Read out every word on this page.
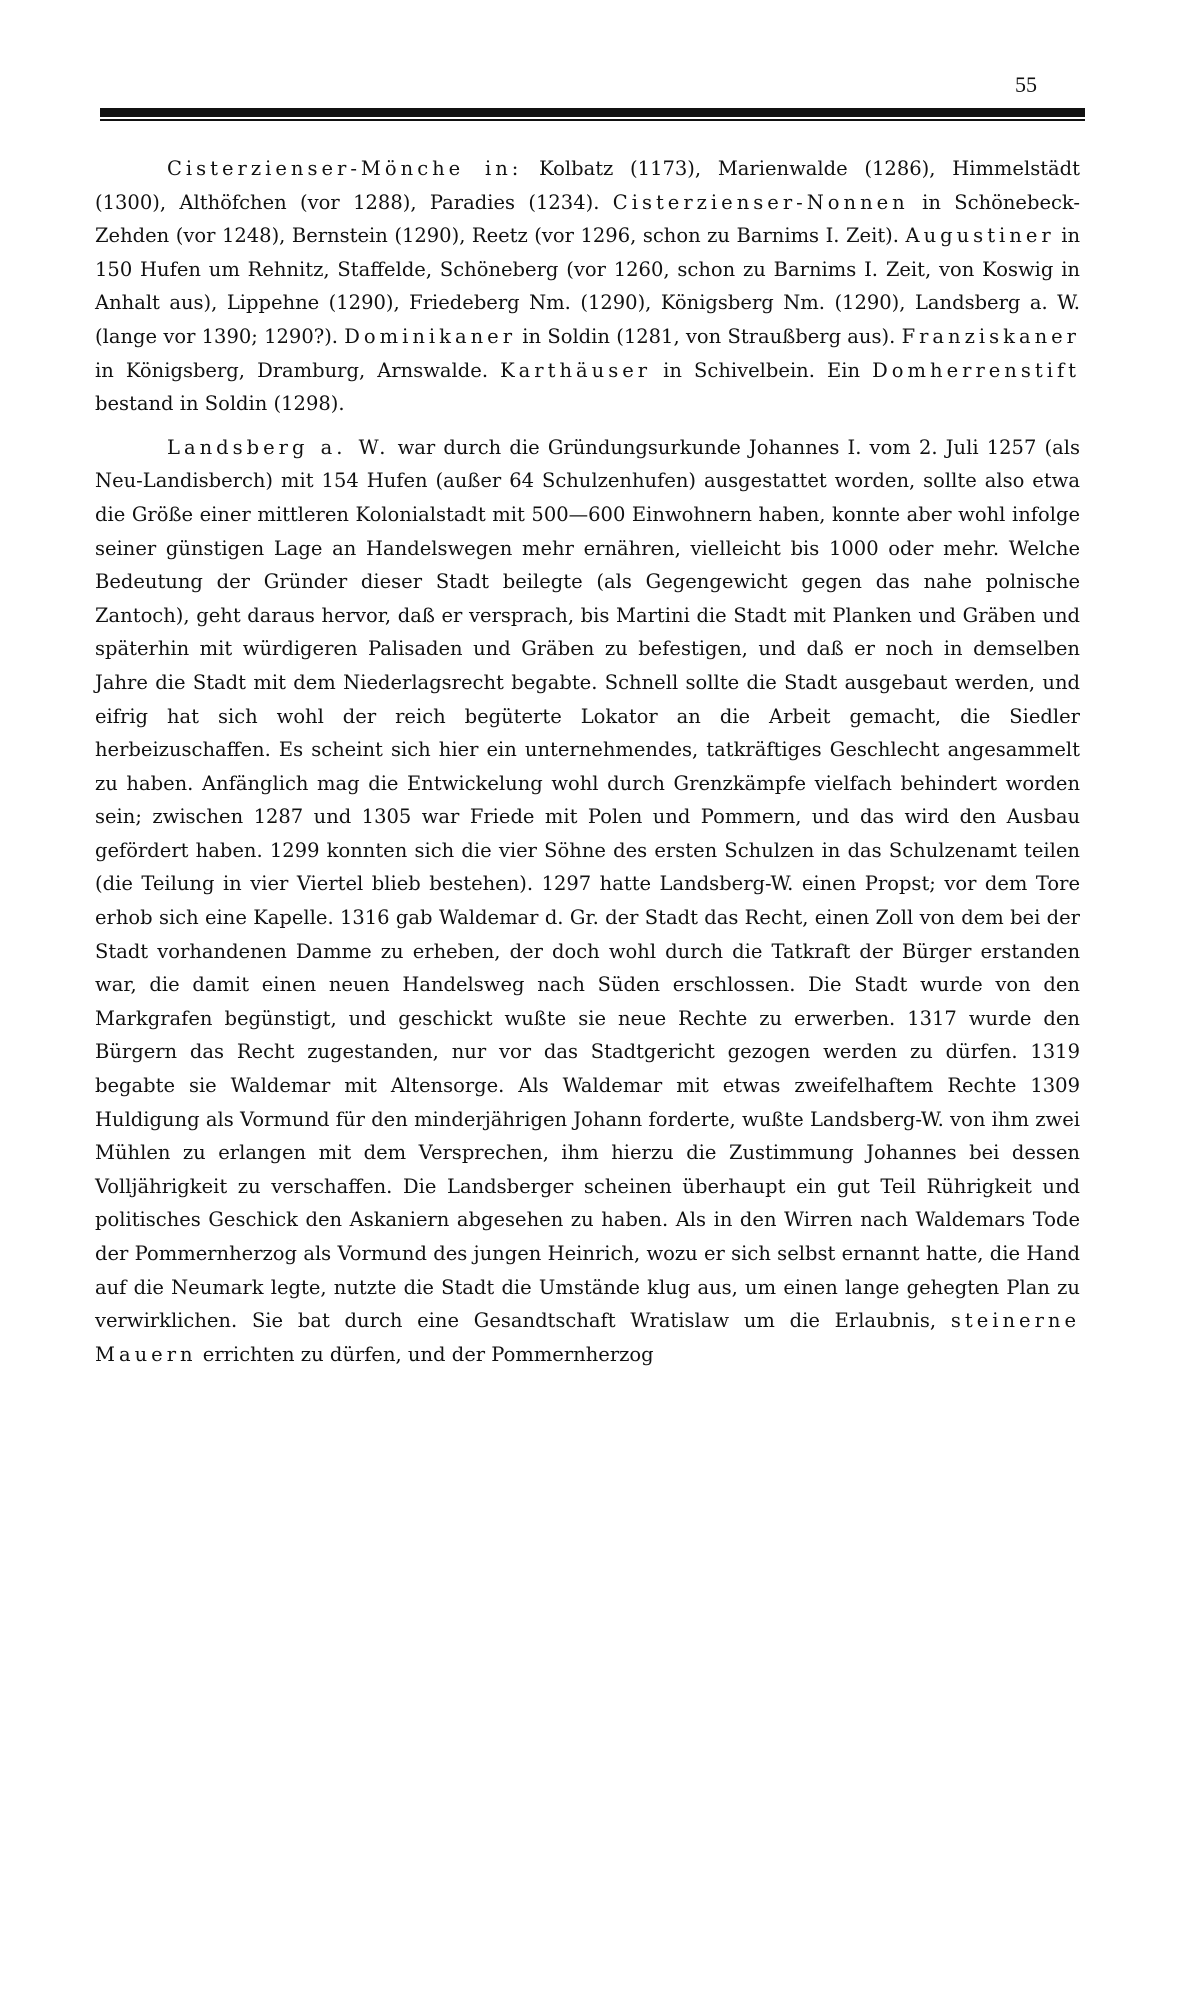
55

Cisterzienser-Mönche in: Kolbatz (1173), Marienwalde (1286), Himmelstädt (1300), Althöfchen (vor 1288), Paradies (1234). Cisterzienser-Nonnen in Schönebeck-Zehden (vor 1248), Bernstein (1290), Reetz (vor 1296, schon zu Barnims I. Zeit). Augustiner in 150 Hufen um Rehnitz, Staffelde, Schöneberg (vor 1260, schon zu Barnims I. Zeit, von Koswig in Anhalt aus), Lippehne (1290), Friedeberg Nm. (1290), Königsberg Nm. (1290), Landsberg a. W. (lange vor 1390; 1290?). Dominikaner in Soldin (1281, von Straußberg aus). Franziskaner in Königsberg, Dramburg, Arnswalde. Karthäuser in Schivelbein. Ein Domherrenstift bestand in Soldin (1298).

Landsberg a. W. war durch die Gründungsurkunde Johannes I. vom 2. Juli 1257 (als Neu-Landisberch) mit 154 Hufen (außer 64 Schulzenhufen) ausgestattet worden, sollte also etwa die Größe einer mittleren Kolonialstadt mit 500—600 Einwohnern haben, konnte aber wohl infolge seiner günstigen Lage an Handelswegen mehr ernähren, vielleicht bis 1000 oder mehr. Welche Bedeutung der Gründer dieser Stadt beilegte (als Gegengewicht gegen das nahe polnische Zantoch), geht daraus hervor, daß er versprach, bis Martini die Stadt mit Planken und Gräben und späterhin mit würdigeren Palisaden und Gräben zu befestigen, und daß er noch in demselben Jahre die Stadt mit dem Niederlagsrecht begabte. Schnell sollte die Stadt ausgebaut werden, und eifrig hat sich wohl der reich begüterte Lokator an die Arbeit gemacht, die Siedler herbeizuschaffen. Es scheint sich hier ein unternehmendes, tatkräftiges Geschlecht angesammelt zu haben. Anfänglich mag die Entwickelung wohl durch Grenzkämpfe vielfach behindert worden sein; zwischen 1287 und 1305 war Friede mit Polen und Pommern, und das wird den Ausbau gefördert haben. 1299 konnten sich die vier Söhne des ersten Schulzen in das Schulzenamt teilen (die Teilung in vier Viertel blieb bestehen). 1297 hatte Landsberg-W. einen Propst; vor dem Tore erhob sich eine Kapelle. 1316 gab Waldemar d. Gr. der Stadt das Recht, einen Zoll von dem bei der Stadt vorhandenen Damme zu erheben, der doch wohl durch die Tatkraft der Bürger erstanden war, die damit einen neuen Handelsweg nach Süden erschlossen. Die Stadt wurde von den Markgrafen begünstigt, und geschickt wußte sie neue Rechte zu erwerben. 1317 wurde den Bürgern das Recht zugestanden, nur vor das Stadtgericht gezogen werden zu dürfen. 1319 begabte sie Waldemar mit Altensorge. Als Waldemar mit etwas zweifelhaftem Rechte 1309 Huldigung als Vormund für den minderjährigen Johann forderte, wußte Landsberg-W. von ihm zwei Mühlen zu erlangen mit dem Versprechen, ihm hierzu die Zustimmung Johannes bei dessen Volljährigkeit zu verschaffen. Die Landsberger scheinen überhaupt ein gut Teil Rührigkeit und politisches Geschick den Askaniern abgesehen zu haben. Als in den Wirren nach Waldemars Tode der Pommernherzog als Vormund des jungen Heinrich, wozu er sich selbst ernannt hatte, die Hand auf die Neumark legte, nutzte die Stadt die Umstände klug aus, um einen lange gehegten Plan zu verwirklichen. Sie bat durch eine Gesandtschaft Wratislaw um die Erlaubnis, steinerne Mauern errichten zu dürfen, und der Pommernherzog
